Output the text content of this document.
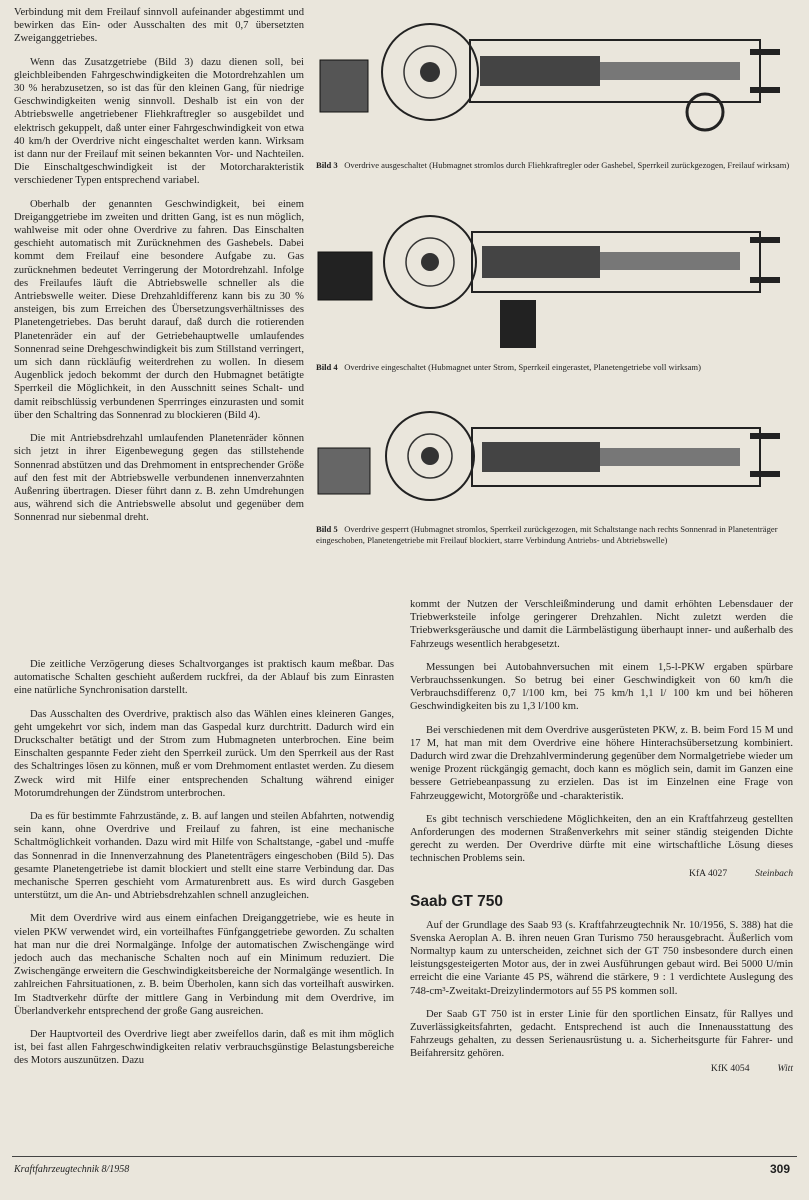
Verbindung mit dem Freilauf sinnvoll aufeinander abgestimmt und bewirken das Ein- oder Ausschalten des mit 0,7 übersetzten Zweiganggetriebes.

Wenn das Zusatzgetriebe (Bild 3) dazu dienen soll, bei gleichbleibenden Fahrgeschwindigkeiten die Motordrehzahlen um 30 % herabzusetzen, so ist das für den kleinen Gang, für niedrige Geschwindigkeiten wenig sinnvoll. Deshalb ist ein von der Abtriebswelle angetriebener Fliehkraftregler so ausgebildet und elektrisch gekuppelt, daß unter einer Fahrgeschwindigkeit von etwa 40 km/h der Overdrive nicht eingeschaltet werden kann. Wirksam ist dann nur der Freilauf mit seinen bekannten Vor- und Nachteilen. Die Einschaltgeschwindigkeit ist der Motorcharakteristik verschiedener Typen entsprechend variabel.

Oberhalb der genannten Geschwindigkeit, bei einem Dreiganggetriebe im zweiten und dritten Gang, ist es nun möglich, wahlweise mit oder ohne Overdrive zu fahren. Das Einschalten geschieht automatisch mit Zurücknehmen des Gashebels. Dabei kommt dem Freilauf eine besondere Aufgabe zu. Gas zurücknehmen bedeutet Verringerung der Motordrehzahl. Infolge des Freilaufes läuft die Abtriebswelle schneller als die Antriebswelle weiter. Diese Drehzahldifferenz kann bis zu 30 % ansteigen, bis zum Erreichen des Übersetzungsverhältnisses des Planetengetriebes. Das beruht darauf, daß durch die rotierenden Planetenräder ein auf der Getriebehauptwelle umlaufendes Sonnenrad seine Drehgeschwindigkeit bis zum Stillstand verringert, um sich dann rückläufig weiterdrehen zu wollen. In diesem Augenblick jedoch bekommt der durch den Hubmagnet betätigte Sperrkeil die Möglichkeit, in den Ausschnitt seines Schalt- und damit reibschlüssig verbundenen Sperrringes einzurasten und somit über den Schaltring das Sonnenrad zu blockieren (Bild 4).

Die mit Antriebsdrehzahl umlaufenden Planetenräder können sich jetzt in ihrer Eigenbewegung gegen das stillstehende Sonnenrad abstützen und das Drehmoment in entsprechender Größe auf den fest mit der Abtriebswelle verbundenen innenverzahnten Außenring übertragen. Dieser führt dann z. B. zehn Umdrehungen aus, während sich die Antriebswelle absolut und gegenüber dem Sonnenrad nur siebenmal dreht.

Bild 3 Overdrive ausgeschaltet (Hubmagnet stromlos durch Fliehkraftregler oder Gashebel, Sperrkeil zurückgezogen, Freilauf wirksam)

Bild 4 Overdrive eingeschaltet (Hubmagnet unter Strom, Sperrkeil eingerastet, Planetengetriebe voll wirksam)

Bild 5 Overdrive gesperrt (Hubmagnet stromlos, Sperrkeil zurückgezogen, mit Schaltstange nach rechts Sonnenrad in Planetenträger eingeschoben, Planetengetriebe mit Freilauf blockiert, starre Verbindung Antriebs- und Abtriebswelle)

Die zeitliche Verzögerung dieses Schaltvorganges ist praktisch kaum meßbar. Das automatische Schalten geschieht außerdem ruckfrei, da der Ablauf bis zum Einrasten eine natürliche Synchronisation darstellt.

Das Ausschalten des Overdrive, praktisch also das Wählen eines kleineren Ganges, geht umgekehrt vor sich, indem man das Gaspedal kurz durchtritt. Dadurch wird ein Druckschalter betätigt und der Strom zum Hubmagneten unterbrochen. Eine beim Einschalten gespannte Feder zieht den Sperrkeil zurück. Um den Sperrkeil aus der Rast des Schaltringes lösen zu können, muß er vom Drehmoment entlastet werden. Zu diesem Zweck wird mit Hilfe einer entsprechenden Schaltung während einiger Motorumdrehungen der Zündstrom unterbrochen.

Da es für bestimmte Fahrzustände, z. B. auf langen und steilen Abfahrten, notwendig sein kann, ohne Overdrive und Freilauf zu fahren, ist eine mechanische Schaltmöglichkeit vorhanden. Dazu wird mit Hilfe von Schaltstange, -gabel und -muffe das Sonnenrad in die Innenverzahnung des Planetenträgers eingeschoben (Bild 5). Das gesamte Planetengetriebe ist damit blockiert und stellt eine starre Verbindung dar. Das mechanische Sperren geschieht vom Armaturenbrett aus. Es wird durch Gasgeben unterstützt, um die An- und Abtriebsdrehzahlen schnell anzugleichen.

Mit dem Overdrive wird aus einem einfachen Dreiganggetriebe, wie es heute in vielen PKW verwendet wird, ein vorteilhaftes Fünfganggetriebe geworden. Zu schalten hat man nur die drei Normalgänge. Infolge der automatischen Zwischengänge wird jedoch auch das mechanische Schalten noch auf ein Minimum reduziert. Die Zwischengänge erweitern die Geschwindigkeitsbereiche der Normalgänge wesentlich. In zahlreichen Fahrsituationen, z. B. beim Überholen, kann sich das vorteilhaft auswirken. Im Stadtverkehr dürfte der mittlere Gang in Verbindung mit dem Overdrive, im Überlandverkehr entsprechend der große Gang ausreichen.

Der Hauptvorteil des Overdrive liegt aber zweifellos darin, daß es mit ihm möglich ist, bei fast allen Fahrgeschwindigkeiten relativ verbrauchsgünstige Belastungsbereiche des Motors auszunützen. Dazu

kommt der Nutzen der Verschleißminderung und damit erhöhten Lebensdauer der Triebwerksteile infolge geringerer Drehzahlen. Nicht zuletzt werden die Triebwerksgeräusche und damit die Lärmbelästigung überhaupt inner- und außerhalb des Fahrzeugs wesentlich herabgesetzt.

Messungen bei Autobahnversuchen mit einem 1,5-l-PKW ergaben spürbare Verbrauchssenkungen. So betrug bei einer Geschwindigkeit von 60 km/h die Verbrauchsdifferenz 0,7 l/100 km, bei 75 km/h 1,1 l/ 100 km und bei höheren Geschwindigkeiten bis zu 1,3 l/100 km.

Bei verschiedenen mit dem Overdrive ausgerüsteten PKW, z. B. beim Ford 15 M und 17 M, hat man mit dem Overdrive eine höhere Hinterachsübersetzung kombiniert. Dadurch wird zwar die Drehzahlverminderung gegenüber dem Normalgetriebe wieder um wenige Prozent rückgängig gemacht, doch kann es möglich sein, damit im Ganzen eine bessere Getriebeanpassung zu erzielen. Das ist im Einzelnen eine Frage von Fahrzeuggewicht, Motorgröße und -charakteristik.

Es gibt technisch verschiedene Möglichkeiten, den an ein Kraftfahrzeug gestellten Anforderungen des modernen Straßenverkehrs mit seiner ständig steigenden Dichte gerecht zu werden. Der Overdrive dürfte mit eine wirtschaftliche Lösung dieses technischen Problems sein.

KfA 4027	Steinbach
Saab GT 750

Auf der Grundlage des Saab 93 (s. Kraftfahrzeugtechnik Nr. 10/1956, S. 388) hat die Svenska Aeroplan A. B. ihren neuen Gran Turismo 750 herausgebracht. Äußerlich vom Normaltyp kaum zu unterscheiden, zeichnet sich der GT 750 insbesondere durch einen leistungsgesteigerten Motor aus, der in zwei Ausführungen gebaut wird. Bei 5000 U/min erreicht die eine Variante 45 PS, während die stärkere, 9 : 1 verdichtete Auslegung des 748-cm³-Zweitakt-Dreizylindermotors auf 55 PS kommen soll.

Der Saab GT 750 ist in erster Linie für den sportlichen Einsatz, für Rallyes und Zuverlässigkeitsfahrten, gedacht. Entsprechend ist auch die Innenausstattung des Fahrzeugs gehalten, zu dessen Serienausrüstung u. a. Sicherheitsgurte für Fahrer- und Beifahrersitz gehören.

KfK 4054	Witt
Kraftfahrzeugtechnik 8/1958	309
